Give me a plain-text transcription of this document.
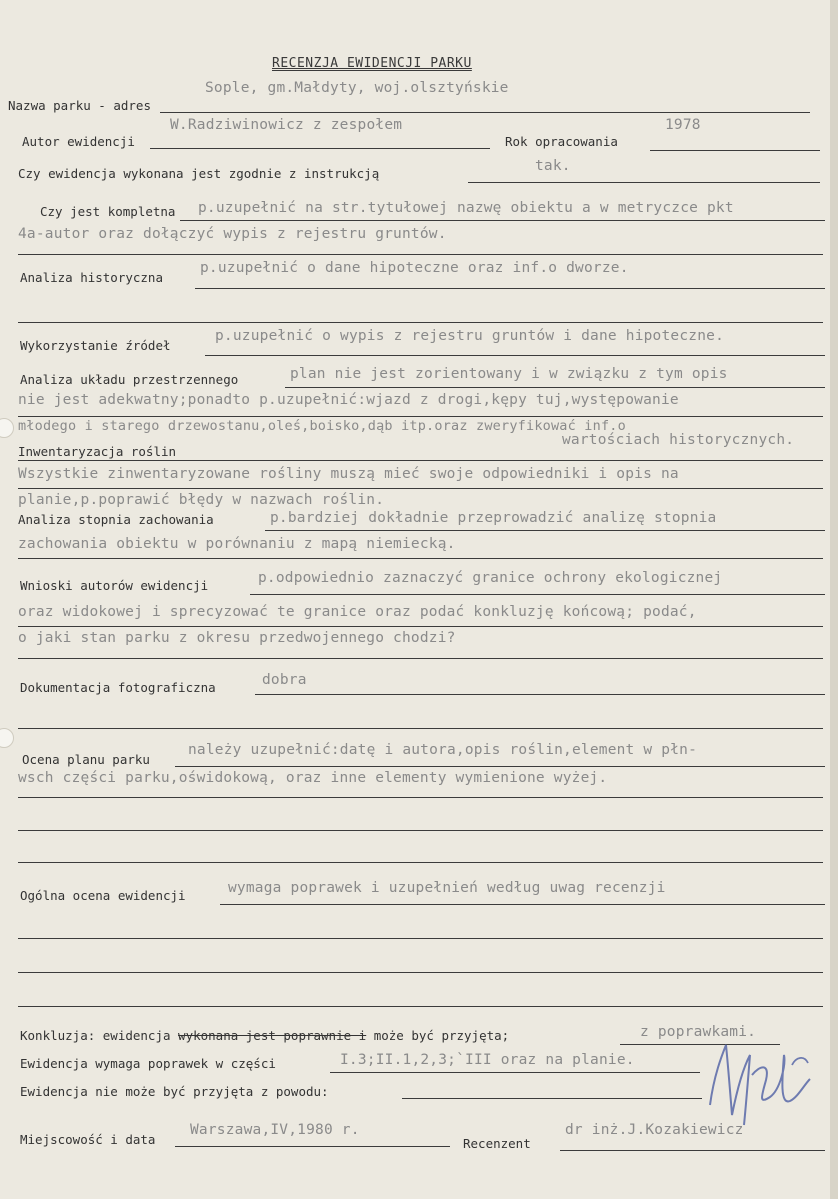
RECENZJA EWIDENCJI PARKU
Nazwa parku - adres
Sople, gm.Małdyty, woj.olsztyńskie
Autor ewidencji
W.Radziwinowicz z zespołem
Rok opracowania
1978
Czy ewidencja wykonana jest zgodnie z instrukcją	tak.
Czy jest kompletna p.uzupełnić na str.tytułowej nazwę obiektu a w metryczce pkt
4a-autor oraz dołączyć wypis z rejestru gruntów.
Analiza historyczna
p.uzupełnić o dane hipoteczne oraz inf.o dworze.
Wykorzystanie źródeł
p.uzupełnić o wypis z rejestru gruntów i dane hipoteczne.
Analiza układu przestrzennego	plan nie jest zorientowany i w związku z tym opis
nie jest adekwatny;ponadto p.uzupełnić:wjazd z drogi,kępy tuj,występowanie
młodego i starego drzewostanu,oleś,boisko,dąb itp.oraz zweryfikować inf.o
wartościach historycznych.
Inwentaryzacja roślin
Wszystkie zinwentaryzowane rośliny muszą mieć swoje odpowiedniki i opis na
planie,p.poprawić błędy w nazwach roślin.
Analiza stopnia zachowania	p.bardziej dokładnie przeprowadzić analizę stopnia
zachowania obiektu w porównaniu z mapą niemiecką.
Wnioski autorów ewidencji	p.odpowiednio zaznaczyć granice ochrony ekologicznej
oraz widokowej i sprecyzować te granice oraz podać konkluzję końcową; podać,
o jaki stan parku z okresu przedwojennego chodzi?
Dokumentacja fotograficzna	dobra
Ocena planu parku
należy uzupełnić:datę i autora,opis roślin,element w płn-
wsch części parku,oświdokową, oraz inne elementy wymienione wyżej.
Ogólna ocena ewidencji	wymaga poprawek i uzupełnień według uwag recenzji
Konkluzja: ewidencja wykonana jest poprawnie i może być przyjęta;	z poprawkami.
Ewidencja wymaga poprawek w części	I.3;II.1,2,3;`III oraz na planie.
Ewidencja nie może być przyjęta z powodu:
Miejscowość i data
Warszawa,IV,1980 r.
Recenzent
dr inż.J.Kozakiewicz
